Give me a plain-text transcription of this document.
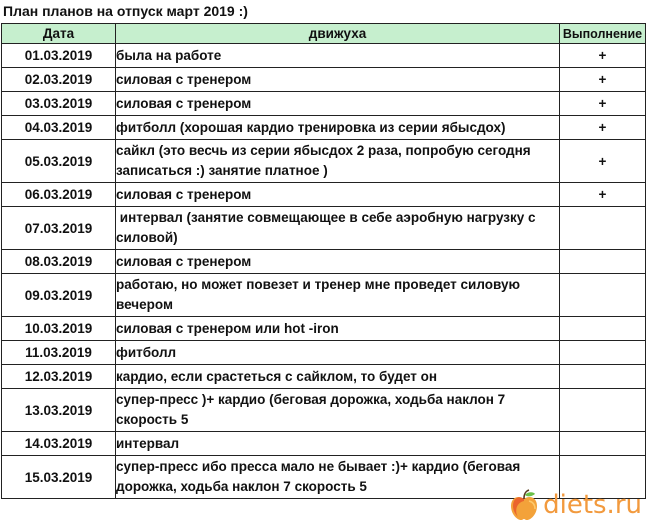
План планов на отпуск март 2019 :)
Дата	движуха	Выполнение
01.03.2019	была на работе	+
02.03.2019	силовая с тренером	+
03.03.2019	силовая с тренером	+
04.03.2019	фитболл (хорошая кардио тренировка из серии ябысдох)	+
05.03.2019	сайкл (это весчь из серии ябысдох 2 раза, попробую сегодня записаться :) занятие платное )	+
06.03.2019	силовая с тренером	+
07.03.2019	интервал (занятие совмещающее в себе аэробную нагрузку с силовой)	
08.03.2019	силовая с тренером	
09.03.2019	работаю, но может повезет и тренер мне проведет силовую вечером	
10.03.2019	силовая с тренером или hot -iron	
11.03.2019	фитболл	
12.03.2019	кардио, если срастеться с сайклом, то будет он	
13.03.2019	супер-пресс )+ кардио (беговая дорожка, ходьба наклон 7 скорость 5	
14.03.2019	интервал	
15.03.2019	супер-пресс ибо пресса мало не бывает :)+ кардио (беговая дорожка, ходьба наклон 7 скорость 5	
diets.ru
